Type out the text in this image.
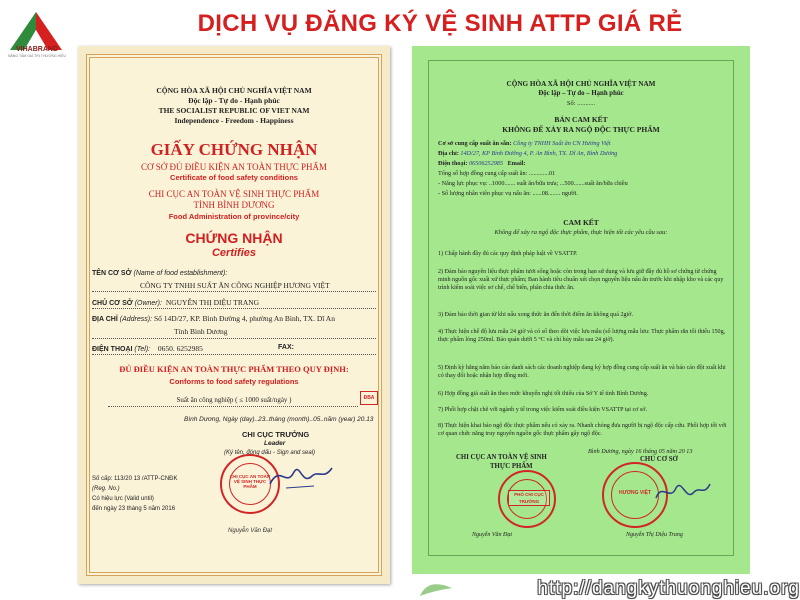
VIHABRAND
NÂNG TẦM GIÁ TRỊ THƯƠNG HIỆU
DỊCH VỤ ĐĂNG KÝ VỆ SINH ATTP GIÁ RẺ
CỘNG HÒA XÃ HỘI CHỦ NGHĨA VIỆT NAM
Độc lập - Tự do - Hạnh phúc
THE SOCIALIST REPUBLIC OF VIET NAM
Independence - Freedom - Happiness
GIẤY CHỨNG NHẬN
CƠ SỞ ĐỦ ĐIỀU KIỆN AN TOÀN THỰC PHẨM
Certificate of food safety conditions
CHI CỤC AN TOÀN VỆ SINH THỰC PHẨM
TỈNH BÌNH DƯƠNG
Food Administration of province/city
CHỨNG NHẬN
Certifies
TÊN CƠ SỞ (Name of food establishment):
CÔNG TY TNHH SUẤT ĂN CÔNG NGHIỆP HƯƠNG VIỆT
CHỦ CƠ SỞ (Owner): NGUYỄN THỊ DIỆU TRANG
ĐỊA CHỈ (Address): Số 14D/27, KP. Bình Đường 4, phường An Bình, TX. Dĩ An
Tỉnh Bình Dương
ĐIỆN THOẠI (Tel): 0650. 6252985	FAX:
ĐỦ ĐIỀU KIỆN AN TOÀN THỰC PHẨM THEO QUY ĐỊNH:
Conforms to food safety regulations
Suất ăn công nghiệp ( ≤ 1000 suất/ngày )	ĐBA
Bình Dương, Ngày (day)..23..tháng (month)..05..năm (year) 20.13
CHI CỤC TRƯỞNG
Leader
(Ký tên, đóng dấu - Sign and seal)
CHI CỤC AN TOÀN VỆ SINH THỰC PHẨM
Số cấp: 113/20 13 /ATTP-CNĐK
(Reg. No.)
Có hiệu lực (Valid until)
đến ngày 23 tháng 5 năm 2016
Nguyễn Văn Đạt
CỘNG HÒA XÃ HỘI CHỦ NGHĨA VIỆT NAM
Độc lập – Tự do – Hạnh phúc
Số: ...........
BẢN CAM KẾT
KHÔNG ĐỂ XẢY RA NGỘ ĐỘC THỰC PHẨM
Cơ sở cung cấp suất ăn sẵn: Công ty TNHH Suất ăn CN Hương Việt
Địa chỉ: 14D/27, KP Bình Đường 4, P. An Bình, TX. Dĩ An, Bình Dương
Điện thoại: 06506252985 Email:
Tổng số hợp đồng cung cấp suất ăn: .............01
- Năng lực phục vụ: ..1000....... suất ăn/bữa trưa; ...500.......suất ăn/bữa chiều
- Số lượng nhân viên phục vụ nấu ăn: ......08........ người.
CAM KẾT
Không để xảy ra ngộ độc thực phẩm, thực hiện tốt các yêu cầu sau:
1) Chấp hành đầy đủ các quy định pháp luật về VSATTP.
2) Đảm bảo nguyên liệu thực phẩm tươi sống hoặc còn trong hạn sử dụng và lưu giữ đầy đủ hồ sơ chứng từ chứng minh nguồn gốc xuất xứ thực phẩm; Ban hành tiêu chuẩn xét chọn nguyên liệu nấu ăn trước khi nhập kho và các quy trình kiểm soát việc sơ chế, chế biến, phân chia thức ăn.
3) Đảm bảo thời gian từ khi nấu xong thức ăn đến thời điểm ăn không quá 2giờ.
4) Thực hiện chế độ lưu mẫu 24 giờ và có sổ theo dõi việc lưu mẫu (số lượng mẫu lưu: Thực phẩm rắn tối thiểu 150g, thực phẩm lỏng 250ml. Bảo quản dưới 5 °C và chỉ hủy mẫu sau 24 giờ).
5) Định kỳ hằng năm báo cáo danh sách các doanh nghiệp đang ký hợp đồng cung cấp suất ăn và báo cáo đột xuất khi có thay đổi hoặc nhận hợp đồng mới.
6) Hợp đồng giá suất ăn theo mức khuyến nghị tối thiểu của Sở Y tế tỉnh Bình Dương.
7) Phối hợp chặt chẽ với ngành y tế trong việc kiểm soát điều kiện VSATTP tại cơ sở.
8) Thực hiện khai báo ngộ độc thực phẩm nếu có xảy ra. Nhanh chóng đưa người bị ngộ độc cấp cứu. Phối hợp tốt với cơ quan chức năng truy nguyên nguồn gốc thực phẩm gây ngộ độc.
Bình Dương, ngày 16 tháng 05 năm 20 13
CHI CỤC AN TOÀN VỆ SINH
THỰC PHẨM
CHỦ CƠ SỞ
PHÓ CHI CỤC TRƯỞNG
HƯƠNG VIỆT
Nguyễn Văn Đạt	Nguyễn Thị Diệu Trang
http://dangkythuonghieu.org
